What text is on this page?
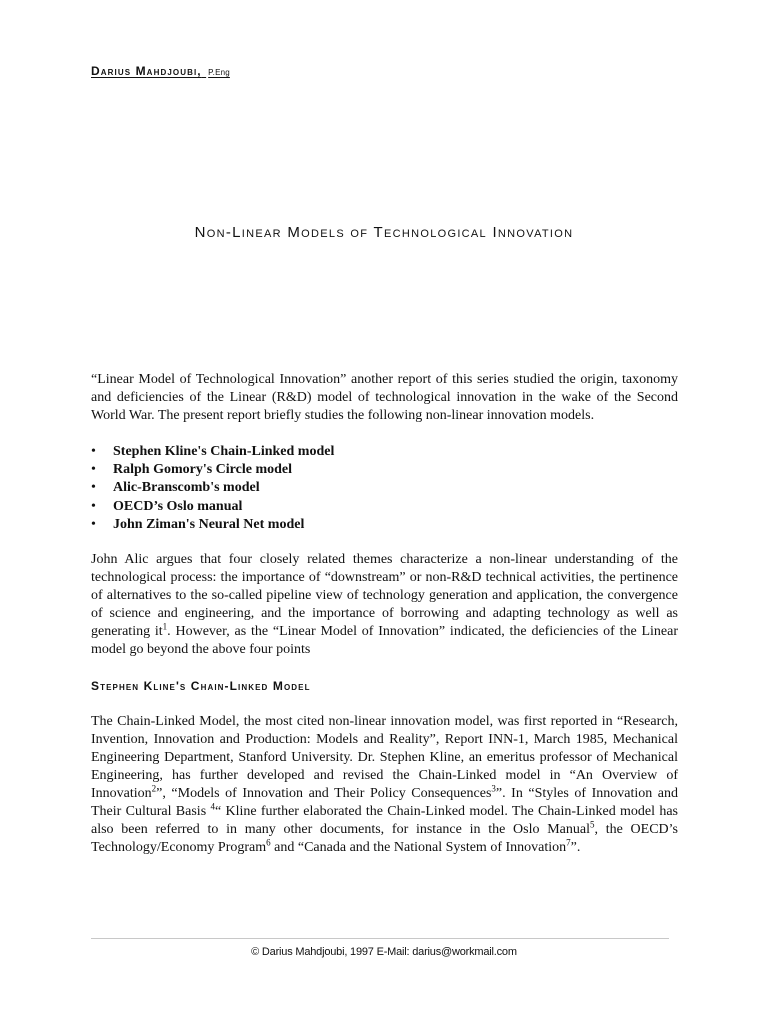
Darius Mahdjoubi, P.Eng
Non-Linear Models of Technological Innovation

“Linear Model of Technological Innovation” another report of this series studied the origin, taxonomy and deficiencies of the Linear (R&D) model of technological innovation in the wake of the Second World War. The present report briefly studies the following non-linear innovation models.

• Stephen Kline's Chain-Linked model
• Ralph Gomory's Circle model
• Alic-Branscomb's model
• OECD’s Oslo manual
• John Ziman's Neural Net model

John Alic argues that four closely related themes characterize a non-linear understanding of the technological process: the importance of “downstream” or non-R&D technical activities, the pertinence of alternatives to the so-called pipeline view of technology generation and application, the convergence of science and engineering, and the importance of borrowing and adapting technology as well as generating $it^1$. However, as the “Linear Model of Innovation” indicated, the deficiencies of the Linear model go beyond the above four points

Stephen Kline's Chain-Linked Model

The Chain-Linked Model, the most cited non-linear innovation model, was first reported in “Research, Invention, Innovation and Production: Models and Reality”, Report INN-1, March 1985, Mechanical Engineering Department, Stanford University. Dr. Stephen Kline, an emeritus professor of Mechanical Engineering, has further developed and revised the Chain-Linked model in “An Overview of Innovation$^2$”, “Models of Innovation and Their Policy Consequences$^3$”. In “Styles of Innovation and Their Cultural Basis $^4$“ Kline further elaborated the Chain-Linked model. The Chain-Linked model has also been referred to in many other documents, for instance in the Oslo Manual$^5$, the OECD’s Technology/Economy Program$^6$ and “Canada and the National System of Innovation$^7$”.

© Darius Mahdjoubi, 1997 E-Mail: darius@workmail.com
